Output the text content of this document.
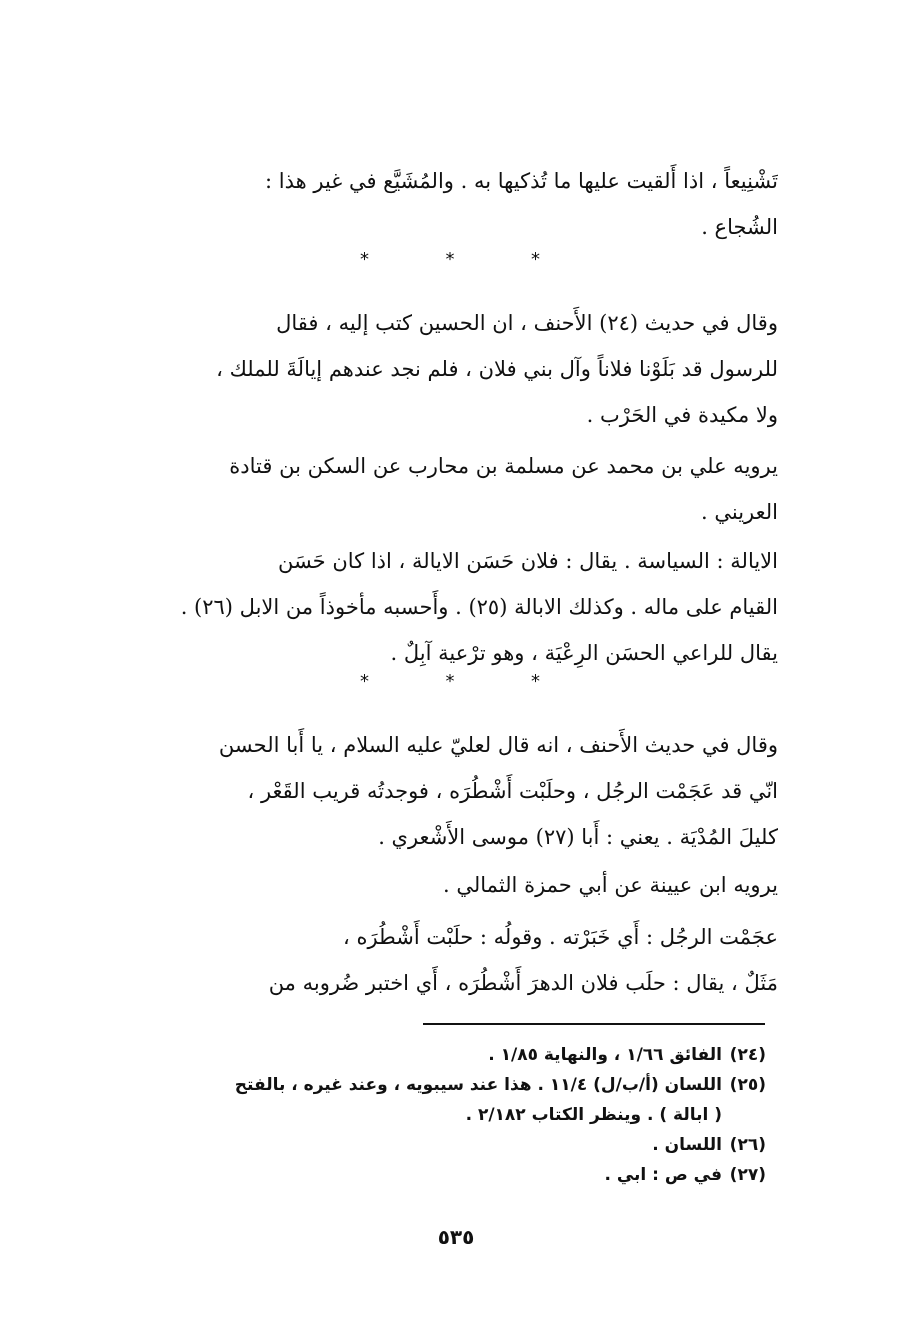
تَشْنِيعاً ، اذا أَلقيت عليها ما تُذكيها به . والمُشَيَّع في غير هذا :
الشُجاع .
*	*	*
وقال في حديث (٢٤) الأَحنف ، ان الحسين كتب إليه ، فقال
للرسول قد بَلَوْنا فلاناً وآل بني فلان ، فلم نجد عندهم إيالَةَ للملك ،
ولا مكيدة في الحَرْب .
يرويه علي بن محمد عن مسلمة بن محارب عن السكن بن قتادة
العريني .
الايالة : السياسة . يقال : فلان حَسَن الايالة ، اذا كان حَسَن
القيام على ماله . وكذلك الابالة (٢٥) . وأَحسبه مأخوذاً من الابل (٢٦) .
يقال للراعي الحسَن الرِعْيَة ، وهو ترْعية آبِلٌ .
*	*	*
وقال في حديث الأَحنف ، انه قال لعليّ عليه السلام ، يا أَبا الحسن
انّي قد عَجَمْت الرجُل ، وحلَبْت أَشْطُرَه ، فوجدتُه قريب القَعْر ،
كليلَ المُدْيَة . يعني : أَبا (٢٧) موسى الأَشْعري .
يرويه ابن عيينة عن أبي حمزة الثمالي .
عجَمْت الرجُل : أَي خَبَرْته . وقولُه : حلَبْت أَشْطُرَه ،
مَثَلٌ ، يقال : حلَب فلان الدهرَ أَشْطُرَه ، أَي اختبر ضُروبه من
(٢٤)
الفائق ١/٦٦ ، والنهاية ١/٨٥ .
(٢٥)
اللسان (أ/ب/ل) ١١/٤ . هذا عند سيبويه ، وعند غيره ، بالفتح
( ابالة ) . وينظر الكتاب ٢/١٨٢ .
(٢٦)
اللسان .
(٢٧)
في ص : ابي .
٥٣٥
